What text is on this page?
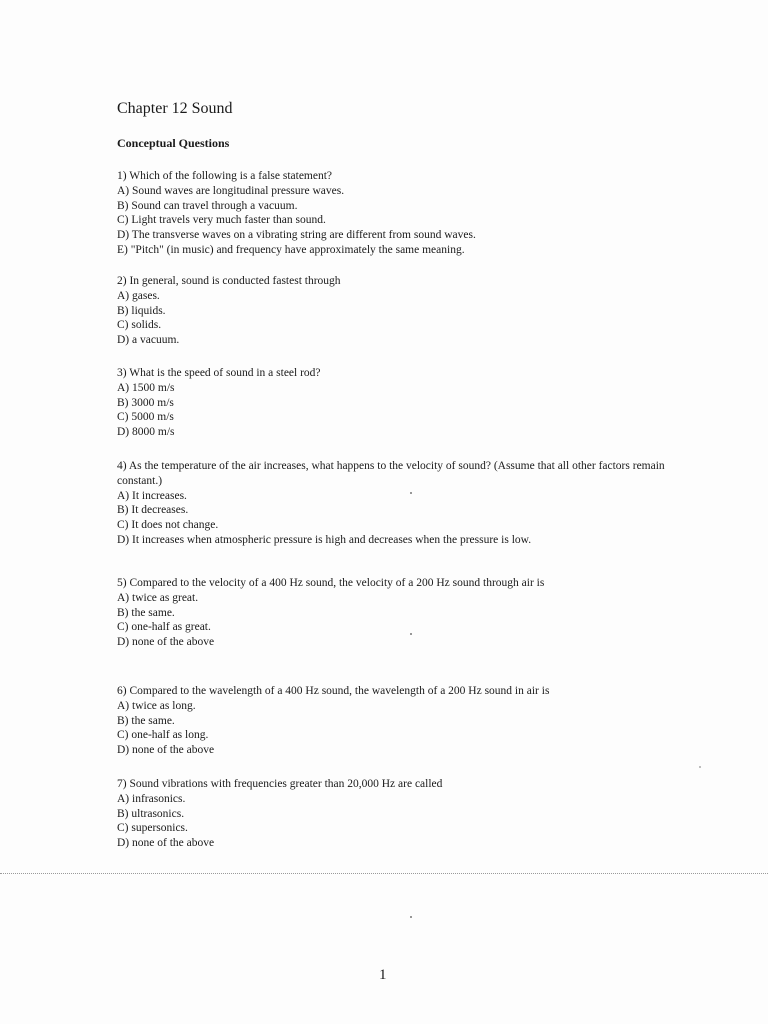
Chapter 12 Sound
Conceptual Questions
1) Which of the following is a false statement?
A) Sound waves are longitudinal pressure waves.
B) Sound can travel through a vacuum.
C) Light travels very much faster than sound.
D) The transverse waves on a vibrating string are different from sound waves.
E) "Pitch" (in music) and frequency have approximately the same meaning.
2) In general, sound is conducted fastest through
A) gases.
B) liquids.
C) solids.
D) a vacuum.
3) What is the speed of sound in a steel rod?
A) 1500 m/s
B) 3000 m/s
C) 5000 m/s
D) 8000 m/s
4) As the temperature of the air increases, what happens to the velocity of sound? (Assume that all other factors remain constant.)
A) It increases.
B) It decreases.
C) It does not change.
D) It increases when atmospheric pressure is high and decreases when the pressure is low.
5) Compared to the velocity of a 400 Hz sound, the velocity of a 200 Hz sound through air is
A) twice as great.
B) the same.
C) one-half as great.
D) none of the above
6) Compared to the wavelength of a 400 Hz sound, the wavelength of a 200 Hz sound in air is
A) twice as long.
B) the same.
C) one-half as long.
D) none of the above
7) Sound vibrations with frequencies greater than 20,000 Hz are called
A) infrasonics.
B) ultrasonics.
C) supersonics.
D) none of the above
1
